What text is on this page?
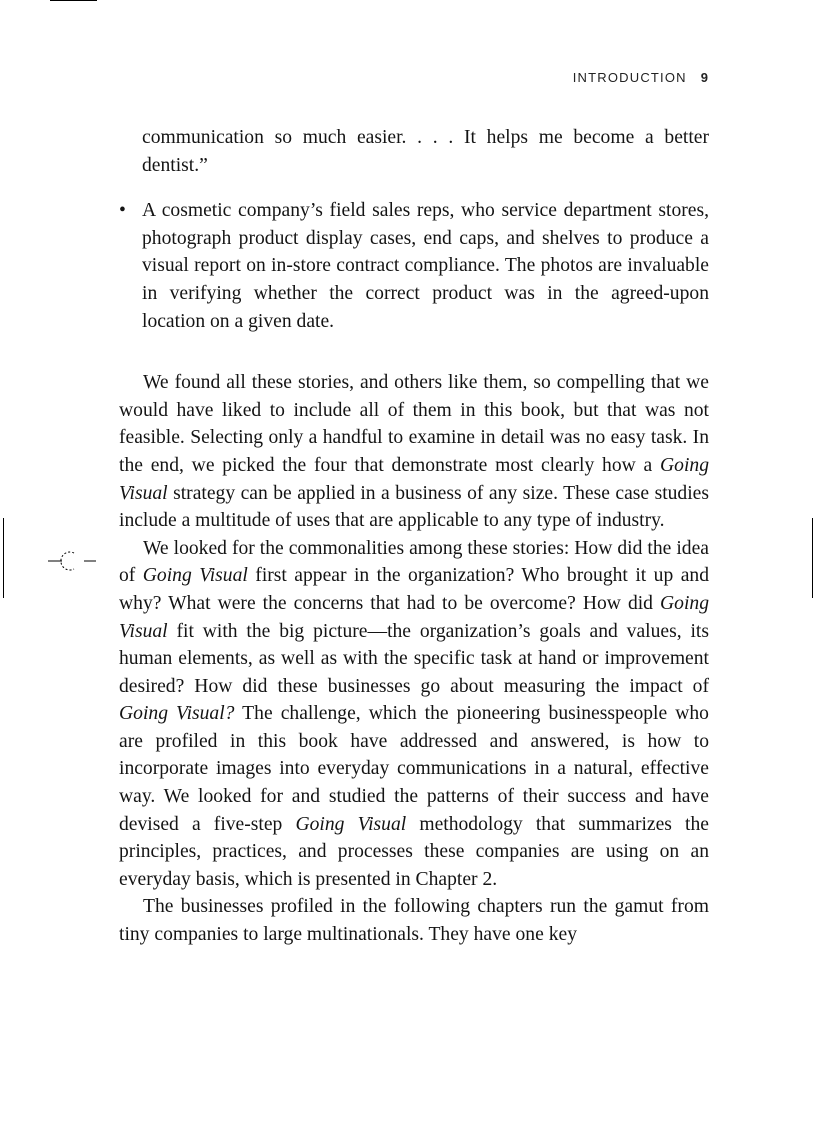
INTRODUCTION 9

communication so much easier. . . . It helps me become a better dentist.”

• A cosmetic company’s field sales reps, who service department stores, photograph product display cases, end caps, and shelves to produce a visual report on in-store contract compliance. The photos are invaluable in verifying whether the correct product was in the agreed-upon location on a given date.

We found all these stories, and others like them, so compelling that we would have liked to include all of them in this book, but that was not feasible. Selecting only a handful to examine in detail was no easy task. In the end, we picked the four that demonstrate most clearly how a Going Visual strategy can be applied in a business of any size. These case studies include a multitude of uses that are applicable to any type of industry.

We looked for the commonalities among these stories: How did the idea of Going Visual first appear in the organization? Who brought it up and why? What were the concerns that had to be overcome? How did Going Visual fit with the big picture—the organization’s goals and values, its human elements, as well as with the specific task at hand or improvement desired? How did these businesses go about measuring the impact of Going Visual? The challenge, which the pioneering businesspeople who are profiled in this book have addressed and answered, is how to incorporate images into everyday communications in a natural, effective way. We looked for and studied the patterns of their success and have devised a five-step Going Visual methodology that summarizes the principles, practices, and processes these companies are using on an everyday basis, which is presented in Chapter 2.

The businesses profiled in the following chapters run the gamut from tiny companies to large multinationals. They have one key
